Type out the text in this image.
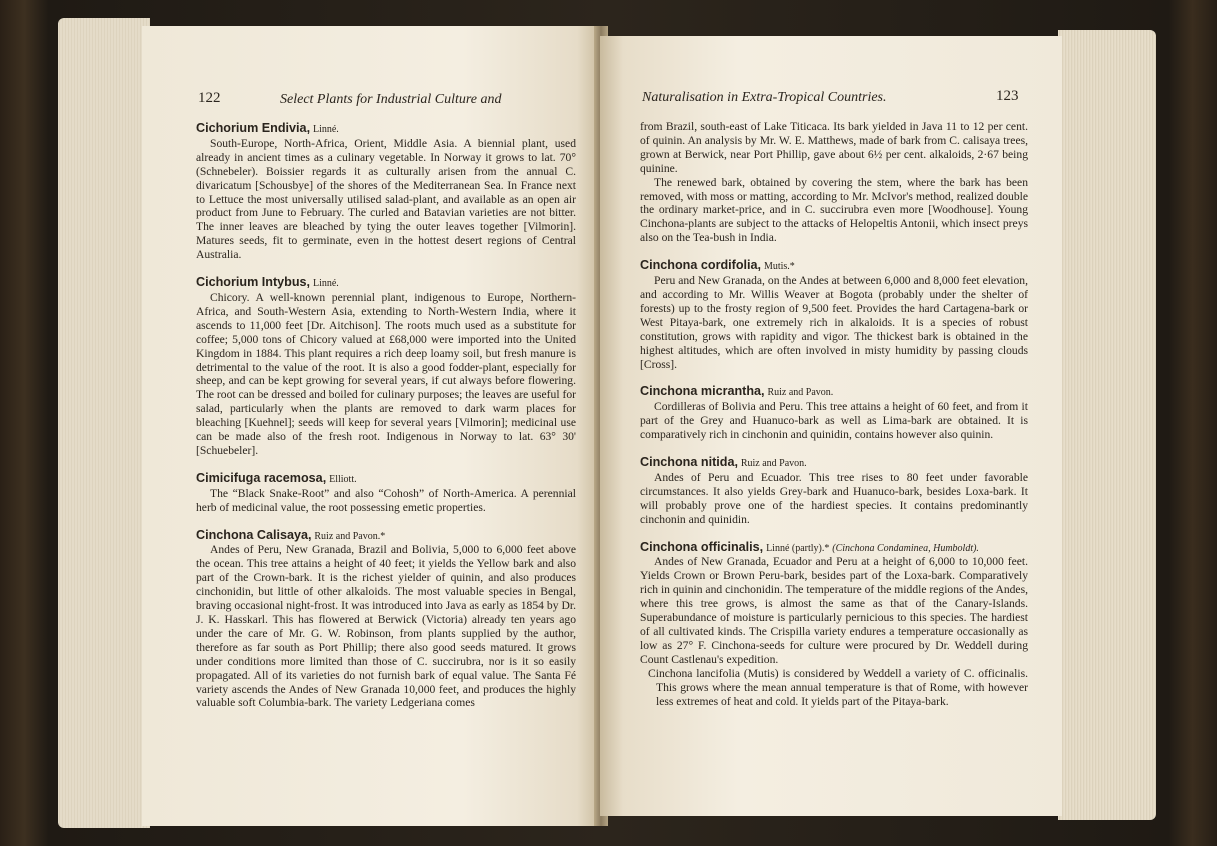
122	Select Plants for Industrial Culture and

Cichorium Endivia, Linné.

South-Europe, North-Africa, Orient, Middle Asia. A biennial plant, used already in ancient times as a culinary vegetable. In Norway it grows to lat. 70° (Schnebeler). Boissier regards it as culturally arisen from the annual C. divaricatum [Schousbye] of the shores of the Mediterranean Sea. In France next to Lettuce the most universally utilised salad-plant, and available as an open air product from June to February. The curled and Batavian varieties are not bitter. The inner leaves are bleached by tying the outer leaves together [Vilmorin]. Matures seeds, fit to germinate, even in the hottest desert regions of Central Australia.

Cichorium Intybus, Linné.

Chicory. A well-known perennial plant, indigenous to Europe, Northern-Africa, and South-Western Asia, extending to North-Western India, where it ascends to 11,000 feet [Dr. Aitchison]. The roots much used as a substitute for coffee; 5,000 tons of Chicory valued at £68,000 were imported into the United Kingdom in 1884. This plant requires a rich deep loamy soil, but fresh manure is detrimental to the value of the root. It is also a good fodder-plant, especially for sheep, and can be kept growing for several years, if cut always before flowering. The root can be dressed and boiled for culinary purposes; the leaves are useful for salad, particularly when the plants are removed to dark warm places for bleaching [Kuehnel]; seeds will keep for several years [Vilmorin]; medicinal use can be made also of the fresh root. Indigenous in Norway to lat. 63° 30' [Schuebeler].

Cimicifuga racemosa, Elliott.

The “Black Snake-Root” and also “Cohosh” of North-America. A perennial herb of medicinal value, the root possessing emetic properties.

Cinchona Calisaya, Ruiz and Pavon.*

Andes of Peru, New Granada, Brazil and Bolivia, 5,000 to 6,000 feet above the ocean. This tree attains a height of 40 feet; it yields the Yellow bark and also part of the Crown-bark. It is the richest yielder of quinin, and also produces cinchonidin, but little of other alkaloids. The most valuable species in Bengal, braving occasional night-frost. It was introduced into Java as early as 1854 by Dr. J. K. Hasskarl. This has flowered at Berwick (Victoria) already ten years ago under the care of Mr. G. W. Robinson, from plants supplied by the author, therefore as far south as Port Phillip; there also good seeds matured. It grows under conditions more limited than those of C. succirubra, nor is it so easily propagated. All of its varieties do not furnish bark of equal value. The Santa Fé variety ascends the Andes of New Granada 10,000 feet, and produces the highly valuable soft Columbia-bark. The variety Ledgeriana comes

Naturalisation in Extra-Tropical Countries.	123

from Brazil, south-east of Lake Titicaca. Its bark yielded in Java 11 to 12 per cent. of quinin. An analysis by Mr. W. E. Matthews, made of bark from C. calisaya trees, grown at Berwick, near Port Phillip, gave about 6½ per cent. alkaloids, 2·67 being quinine.

The renewed bark, obtained by covering the stem, where the bark has been removed, with moss or matting, according to Mr. McIvor's method, realized double the ordinary market-price, and in C. succirubra even more [Woodhouse]. Young Cinchona-plants are subject to the attacks of Helopeltis Antonii, which insect preys also on the Tea-bush in India.

Cinchona cordifolia, Mutis.*

Peru and New Granada, on the Andes at between 6,000 and 8,000 feet elevation, and according to Mr. Willis Weaver at Bogota (probably under the shelter of forests) up to the frosty region of 9,500 feet. Provides the hard Cartagena-bark or West Pitaya-bark, one extremely rich in alkaloids. It is a species of robust constitution, grows with rapidity and vigor. The thickest bark is obtained in the highest altitudes, which are often involved in misty humidity by passing clouds [Cross].

Cinchona micrantha, Ruiz and Pavon.

Cordilleras of Bolivia and Peru. This tree attains a height of 60 feet, and from it part of the Grey and Huanuco-bark as well as Lima-bark are obtained. It is comparatively rich in cinchonin and quinidin, contains however also quinin.

Cinchona nitida, Ruiz and Pavon.

Andes of Peru and Ecuador. This tree rises to 80 feet under favorable circumstances. It also yields Grey-bark and Huanuco-bark, besides Loxa-bark. It will probably prove one of the hardiest species. It contains predominantly cinchonin and quinidin.

Cinchona officinalis, Linné (partly).* (Cinchona Condaminea, Humboldt).

Andes of New Granada, Ecuador and Peru at a height of 6,000 to 10,000 feet. Yields Crown or Brown Peru-bark, besides part of the Loxa-bark. Comparatively rich in quinin and cinchonidin. The temperature of the middle regions of the Andes, where this tree grows, is almost the same as that of the Canary-Islands. Superabundance of moisture is particularly pernicious to this species. The hardiest of all cultivated kinds. The Crispilla variety endures a temperature occasionally as low as 27° F. Cinchona-seeds for culture were procured by Dr. Weddell during Count Castlenau's expedition.

Cinchona lancifolia (Mutis) is considered by Weddell a variety of C. officinalis. This grows where the mean annual temperature is that of Rome, with however less extremes of heat and cold. It yields part of the Pitaya-bark.
